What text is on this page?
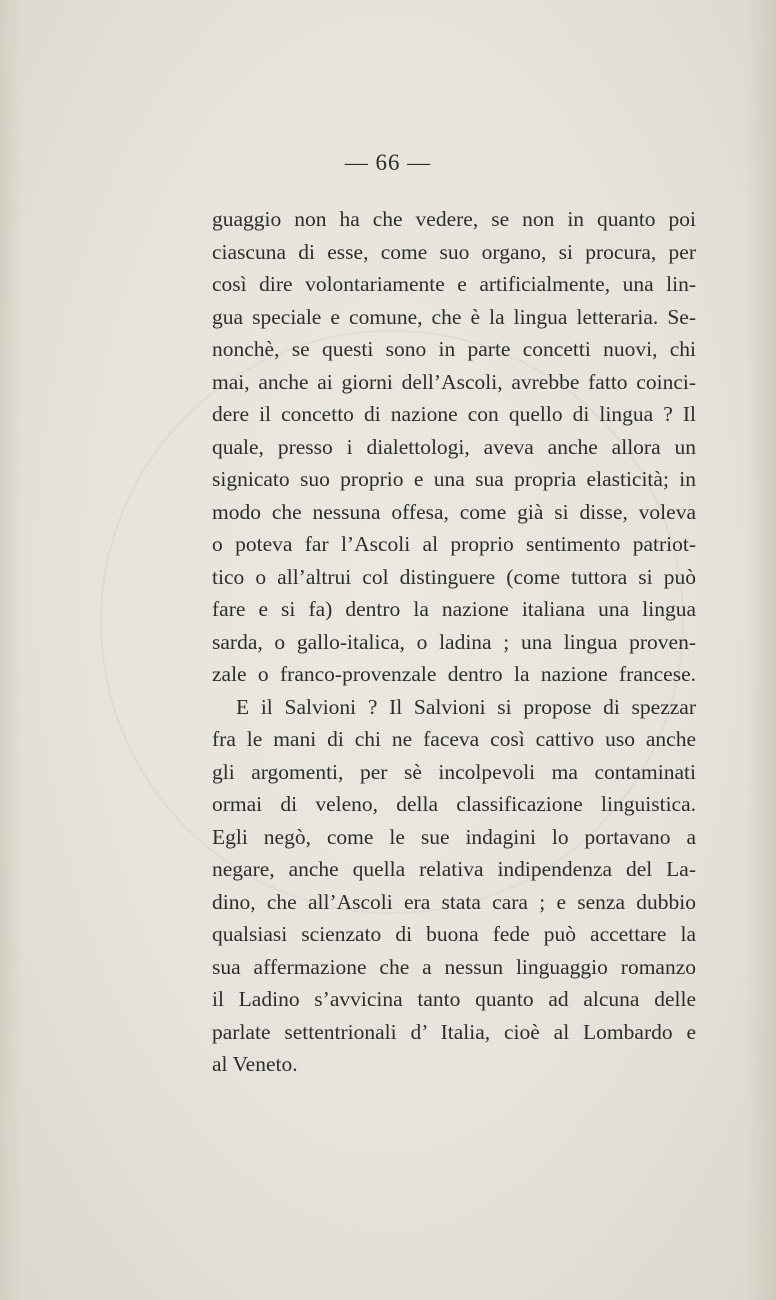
— 66 —
guaggio non ha che vedere, se non in quanto poi
ciascuna di esse, come suo organo, si procura, per
così dire volontariamente e artificialmente, una lin-
gua speciale e comune, che è la lingua letteraria. Se-
nonchè, se questi sono in parte concetti nuovi, chi
mai, anche ai giorni dell’Ascoli, avrebbe fatto coinci-
dere il concetto di nazione con quello di lingua ? Il
quale, presso i dialettologi, aveva anche allora un
signicato suo proprio e una sua propria elasticità; in
modo che nessuna offesa, come già si disse, voleva
o poteva far l’Ascoli al proprio sentimento patriot-
tico o all’altrui col distinguere (come tuttora si può
fare e si fa) dentro la nazione italiana una lingua
sarda, o gallo-italica, o ladina ; una lingua proven-
zale o franco-provenzale dentro la nazione francese.
E il Salvioni ? Il Salvioni si propose di spezzar
fra le mani di chi ne faceva così cattivo uso anche
gli argomenti, per sè incolpevoli ma contaminati
ormai di veleno, della classificazione linguistica.
Egli negò, come le sue indagini lo portavano a
negare, anche quella relativa indipendenza del La-
dino, che all’Ascoli era stata cara ; e senza dubbio
qualsiasi scienzato di buona fede può accettare la
sua affermazione che a nessun linguaggio romanzo
il Ladino s’avvicina tanto quanto ad alcuna delle
parlate settentrionali d’ Italia, cioè al Lombardo e
al Veneto.
